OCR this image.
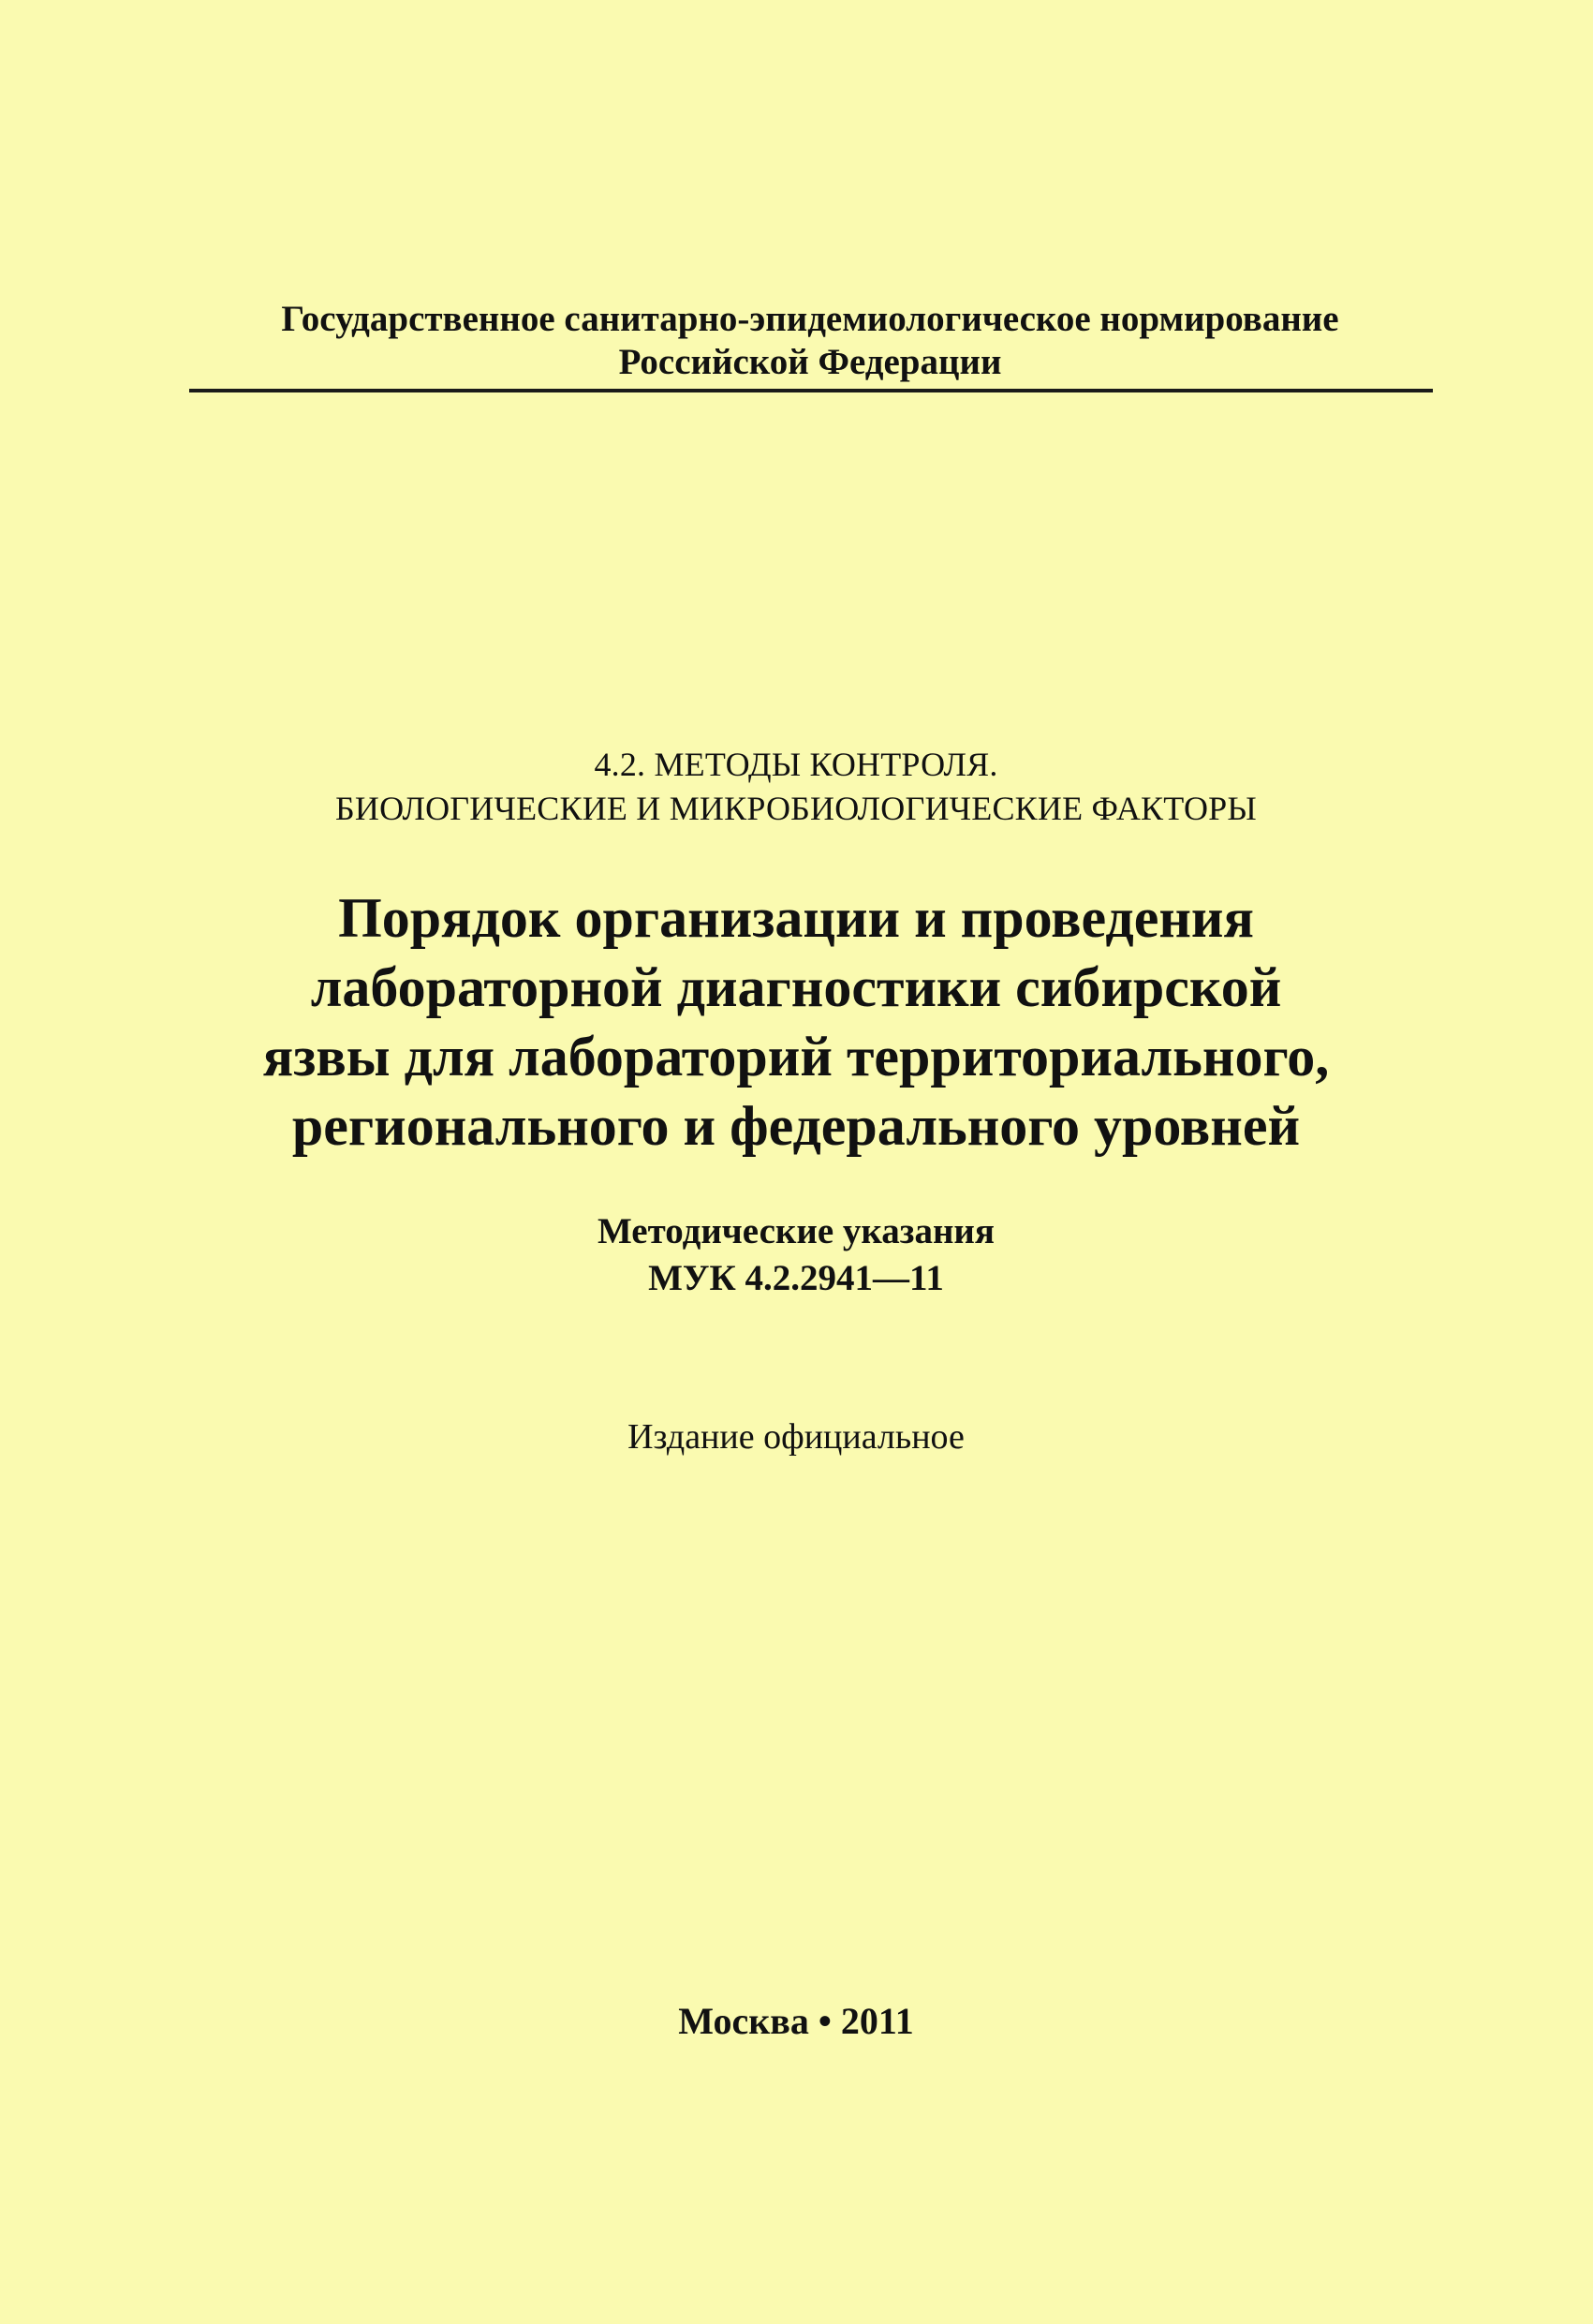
Государственное санитарно-эпидемиологическое нормирование
Российской Федерации
4.2. МЕТОДЫ КОНТРОЛЯ.
БИОЛОГИЧЕСКИЕ И МИКРОБИОЛОГИЧЕСКИЕ ФАКТОРЫ
Порядок организации и проведения
лабораторной диагностики сибирской
язвы для лабораторий территориального,
регионального и федерального уровней
Методические указания
МУК 4.2.2941—11
Издание официальное
Москва • 2011
